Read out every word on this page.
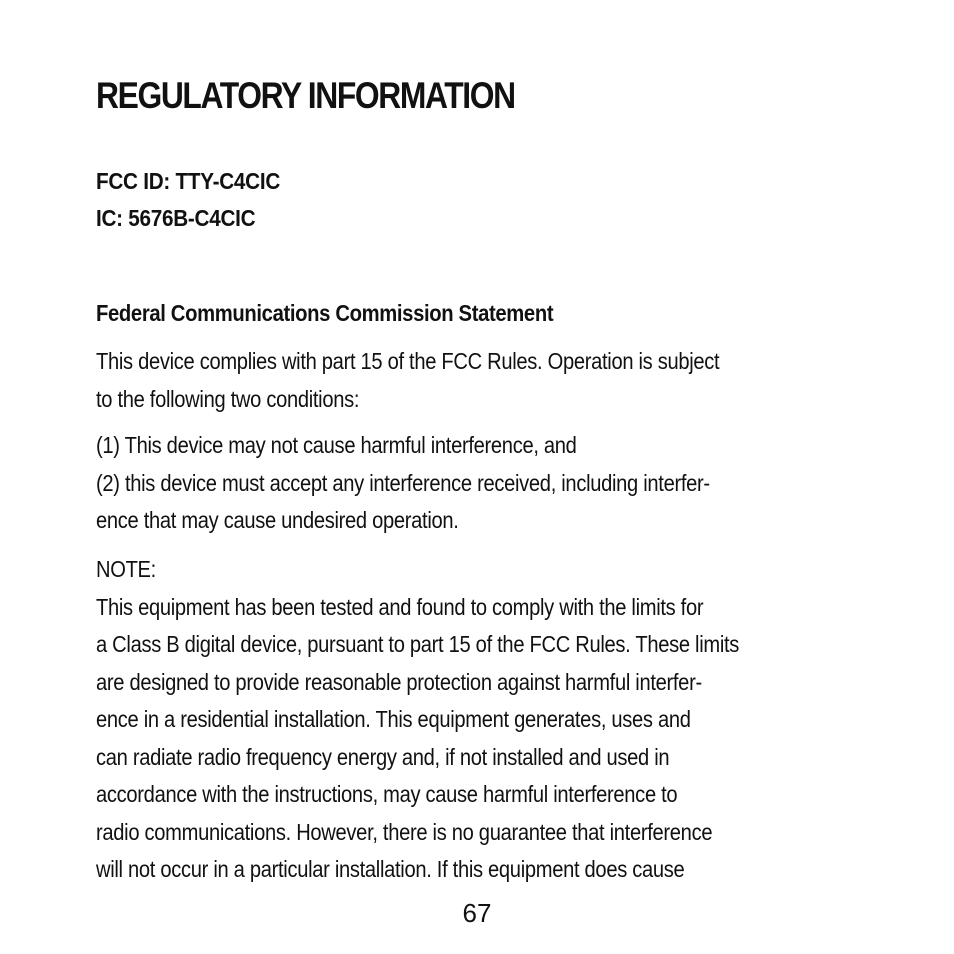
REGULATORY INFORMATION
FCC ID: TTY-C4CIC
IC: 5676B-C4CIC
Federal Communications Commission Statement
This device complies with part 15 of the FCC Rules. Operation is subject
to the following two conditions:
(1) This device may not cause harmful interference, and
(2) this device must accept any interference received, including interfer-
ence that may cause undesired operation.
NOTE:
This equipment has been tested and found to comply with the limits for
a Class B digital device, pursuant to part 15 of the FCC Rules. These limits
are designed to provide reasonable protection against harmful interfer-
ence in a residential installation. This equipment generates, uses and
can radiate radio frequency energy and, if not installed and used in
accordance with the instructions, may cause harmful interference to
radio communications. However, there is no guarantee that interference
will not occur in a particular installation. If this equipment does cause
67
